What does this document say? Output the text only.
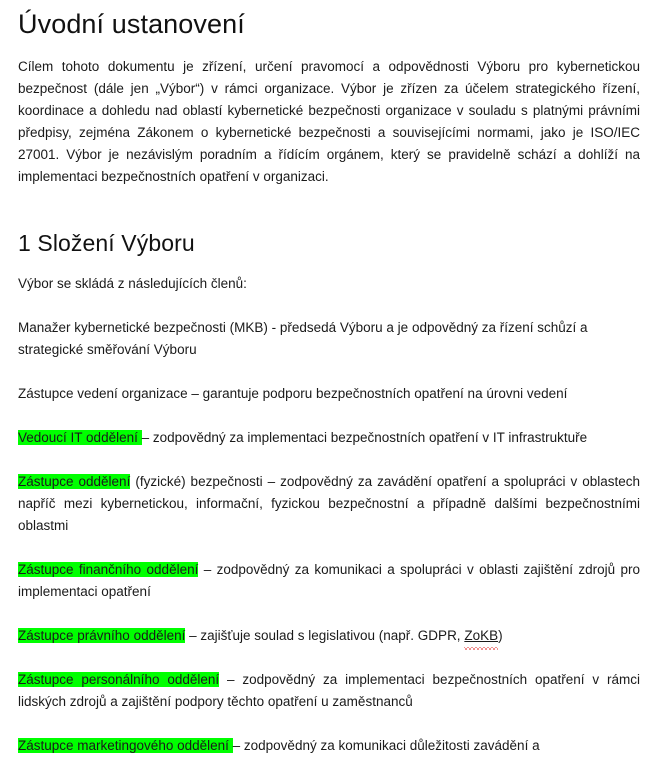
Úvodní ustanovení

Cílem tohoto dokumentu je zřízení, určení pravomocí a odpovědnosti Výboru pro kybernetickou bezpečnost (dále jen „Výbor“) v rámci organizace. Výbor je zřízen za účelem strategického řízení, koordinace a dohledu nad oblastí kybernetické bezpečnosti organizace v souladu s platnými právními předpisy, zejména Zákonem o kybernetické bezpečnosti a souvisejícími normami, jako je ISO/IEC 27001. Výbor je nezávislým poradním a řídícím orgánem, který se pravidelně schází a dohlíží na implementaci bezpečnostních opatření v organizaci.

1 Složení Výboru

Výbor se skládá z následujících členů:

Manažer kybernetické bezpečnosti (MKB) - předsedá Výboru a je odpovědný za řízení schůzí a strategické směřování Výboru

Zástupce vedení organizace – garantuje podporu bezpečnostních opatření na úrovni vedení

Vedoucí IT oddělení – zodpovědný za implementaci bezpečnostních opatření v IT infrastruktuře

Zástupce oddělení (fyzické) bezpečnosti – zodpovědný za zavádění opatření a spolupráci v oblastech napříč mezi kybernetickou, informační, fyzickou bezpečnostní a případně dalšími bezpečnostními oblastmi

Zástupce finančního oddělení – zodpovědný za komunikaci a spolupráci v oblasti zajištění zdrojů pro implementaci opatření

Zástupce právního oddělení – zajišťuje soulad s legislativou (např. GDPR, ZoKB)

Zástupce personálního oddělení – zodpovědný za implementaci bezpečnostních opatření v rámci lidských zdrojů a zajištění podpory těchto opatření u zaměstnanců

Zástupce marketingového oddělení – zodpovědný za komunikaci důležitosti zavádění a
